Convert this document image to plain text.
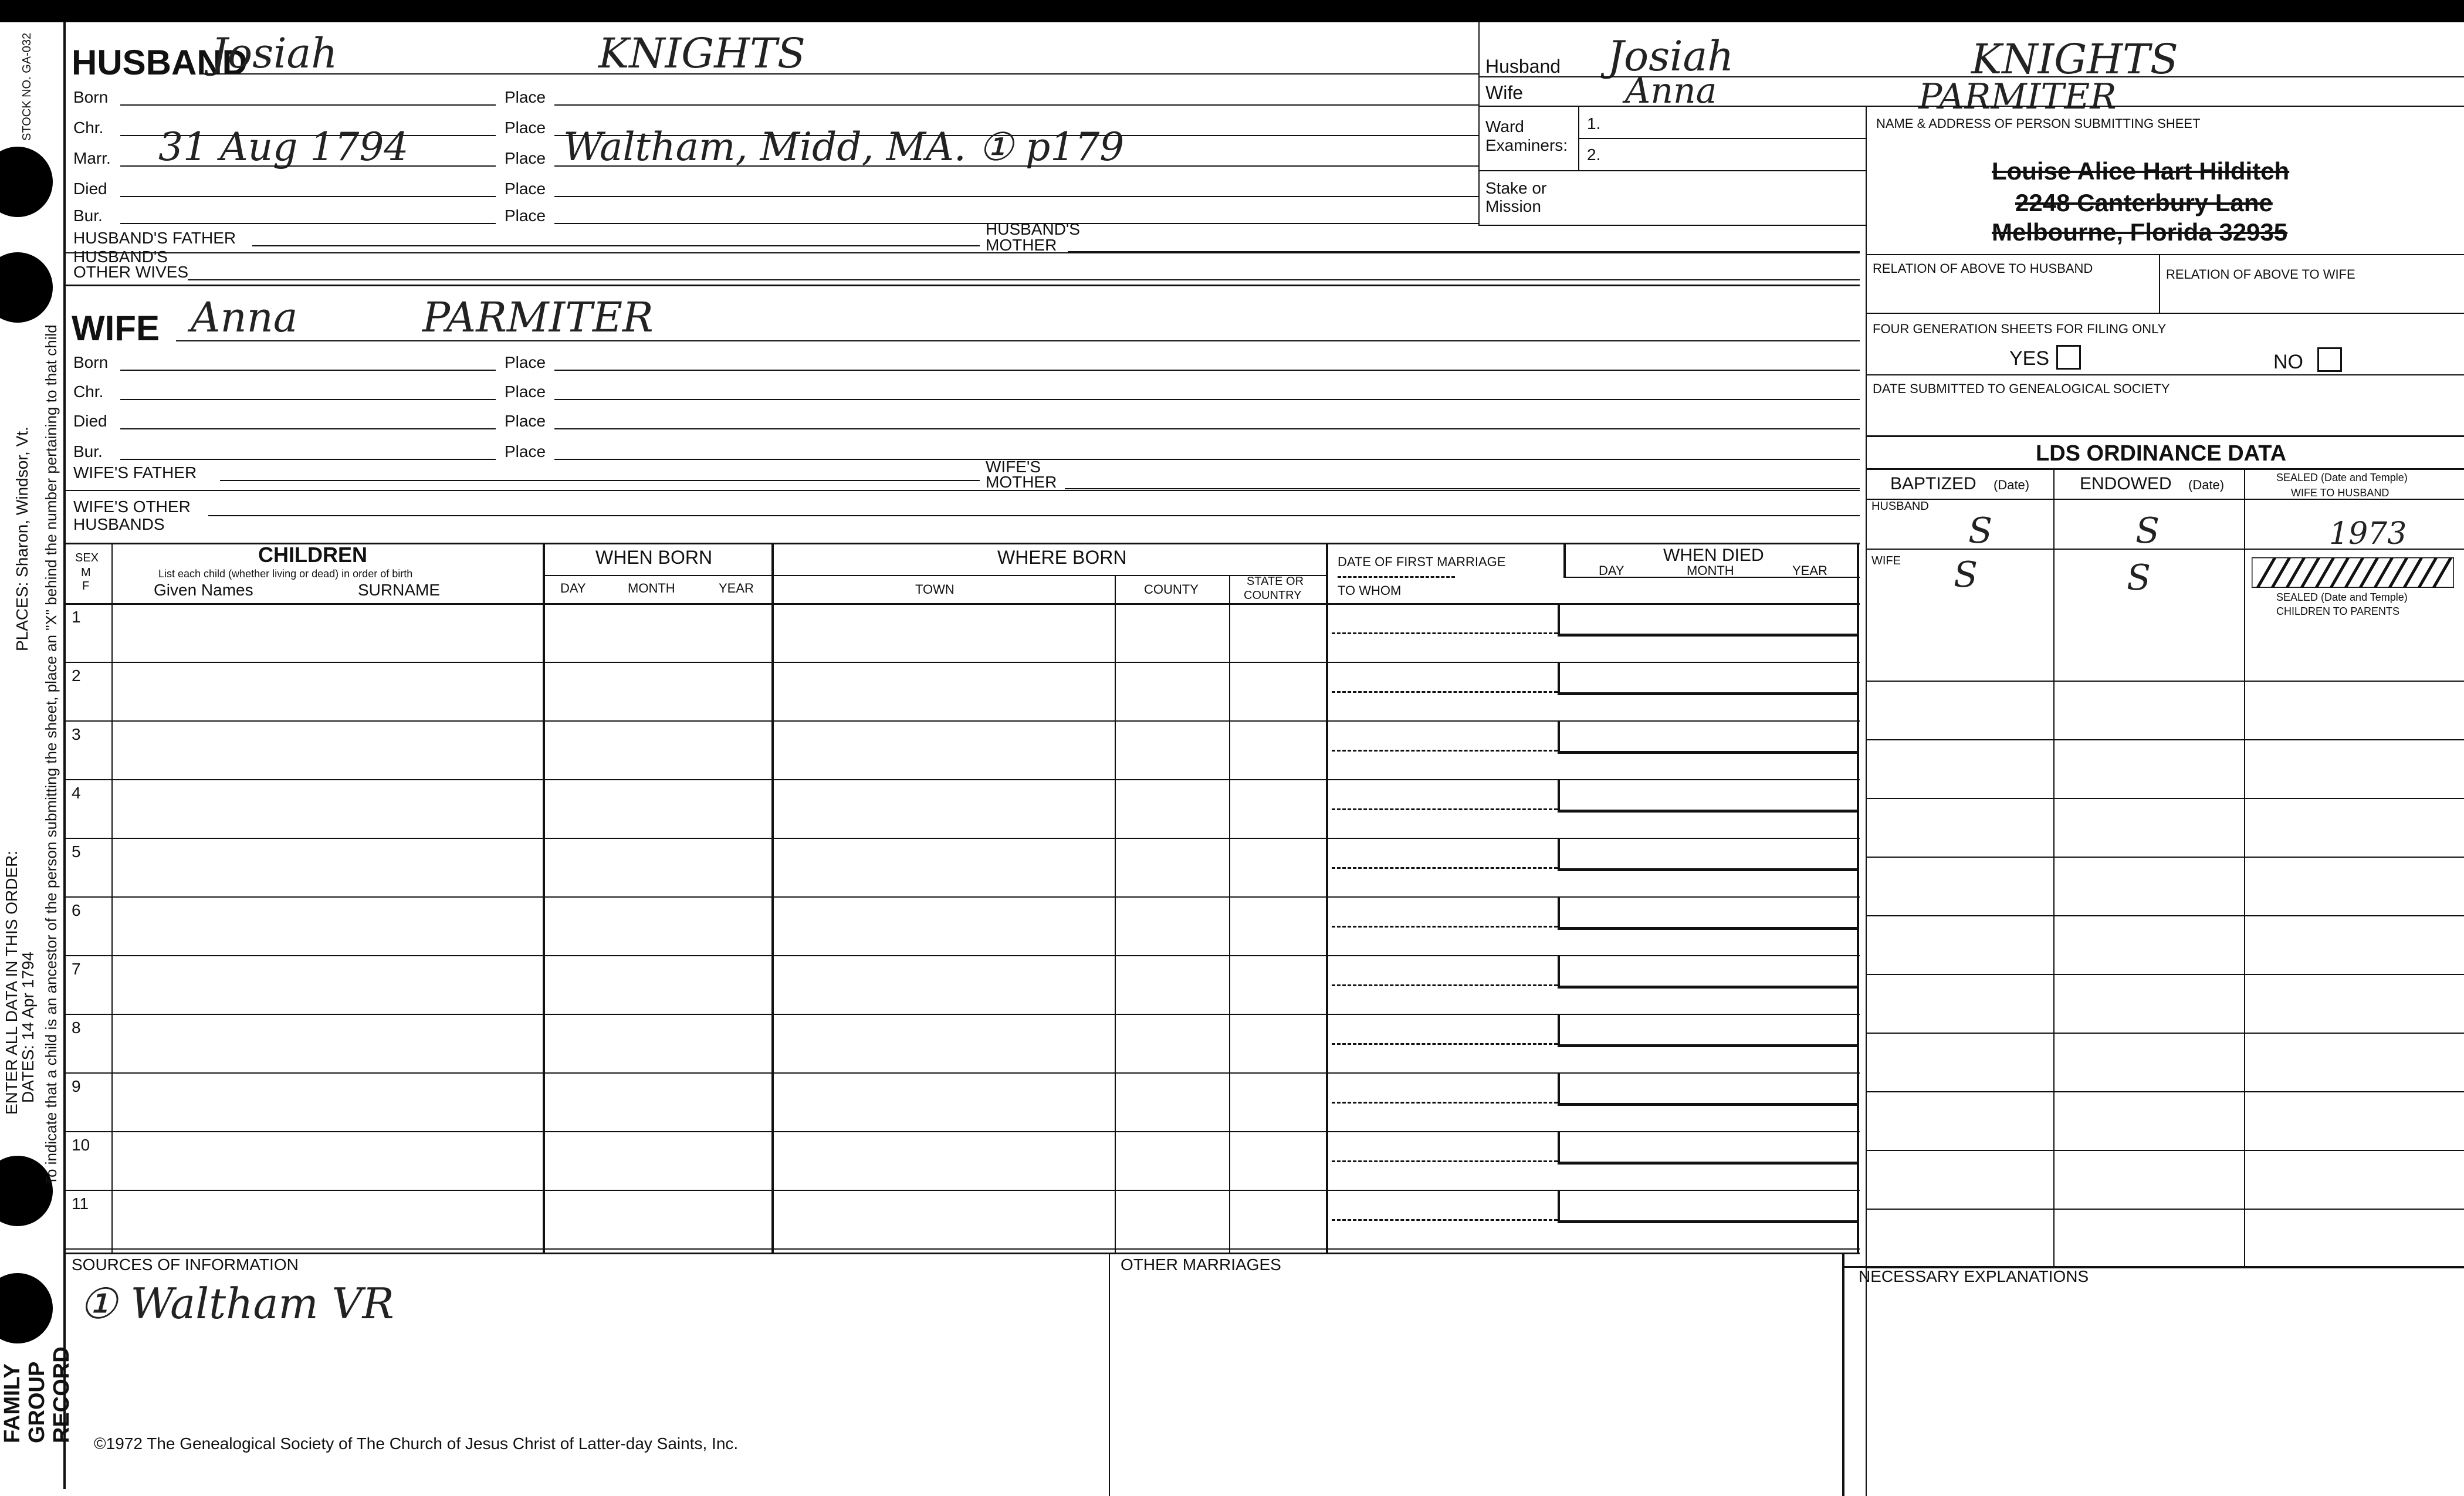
STOCK NO. GA-032
To indicate that a child is an ancestor of the person submitting the sheet, place an "X" behind the number pertaining to that child
PLACES: Sharon, Windsor, Vt.
ENTER ALL DATA IN THIS ORDER:
DATES: 14 Apr 1794
FAMILY GROUP RECORD
HUSBAND
Josiah	KNIGHTS
Born	Place
Chr.	Place
Marr. 31 Aug 1794	Place Waltham, Midd, MA. ① p179
Died	Place
Bur.	Place
HUSBAND'S FATHER	HUSBAND'S
MOTHER
HUSBAND'S
OTHER WIVES
WIFE Anna	PARMITER
Born	Place
Chr.	Place
Died	Place
Bur.	Place
WIFE'S FATHER	WIFE'S
MOTHER
WIFE'S OTHER
HUSBANDS
Husband Josiah	KNIGHTS
Wife	Anna	PARMITER
Ward
Examiners:
1.
2.
Stake or
Mission
NAME & ADDRESS OF PERSON SUBMITTING SHEET
Louise Alice Hart Hilditch
2248 Canterbury Lane
Melbourne, Florida 32935
RELATION OF ABOVE TO HUSBAND	RELATION OF ABOVE TO WIFE
FOUR GENERATION SHEETS FOR FILING ONLY
YES	NO
DATE SUBMITTED TO GENEALOGICAL SOCIETY
LDS ORDINANCE DATA
BAPTIZED (Date)	ENDOWED (Date)	SEALED (Date and Temple)
WIFE TO HUSBAND
HUSBAND
S	S	1973
WIFE S	S	SEALED (Date and Temple)
CHILDREN TO PARENTS
SEX
M
F
CHILDREN
List each child (whether living or dead) in order of birth
Given Names	SURNAME
WHEN BORN
DAY	MONTH	YEAR
WHERE BORN
TOWN	COUNTY
STATE OR
COUNTRY
DATE OF FIRST MARRIAGE
TO WHOM
WHEN DIED
DAY	MONTH	YEAR
1
2
3
4
5
6
7
8
9
10
11
SOURCES OF INFORMATION
① Waltham VR
OTHER MARRIAGES
NECESSARY EXPLANATIONS
©1972 The Genealogical Society of The Church of Jesus Christ of Latter-day Saints, Inc.
